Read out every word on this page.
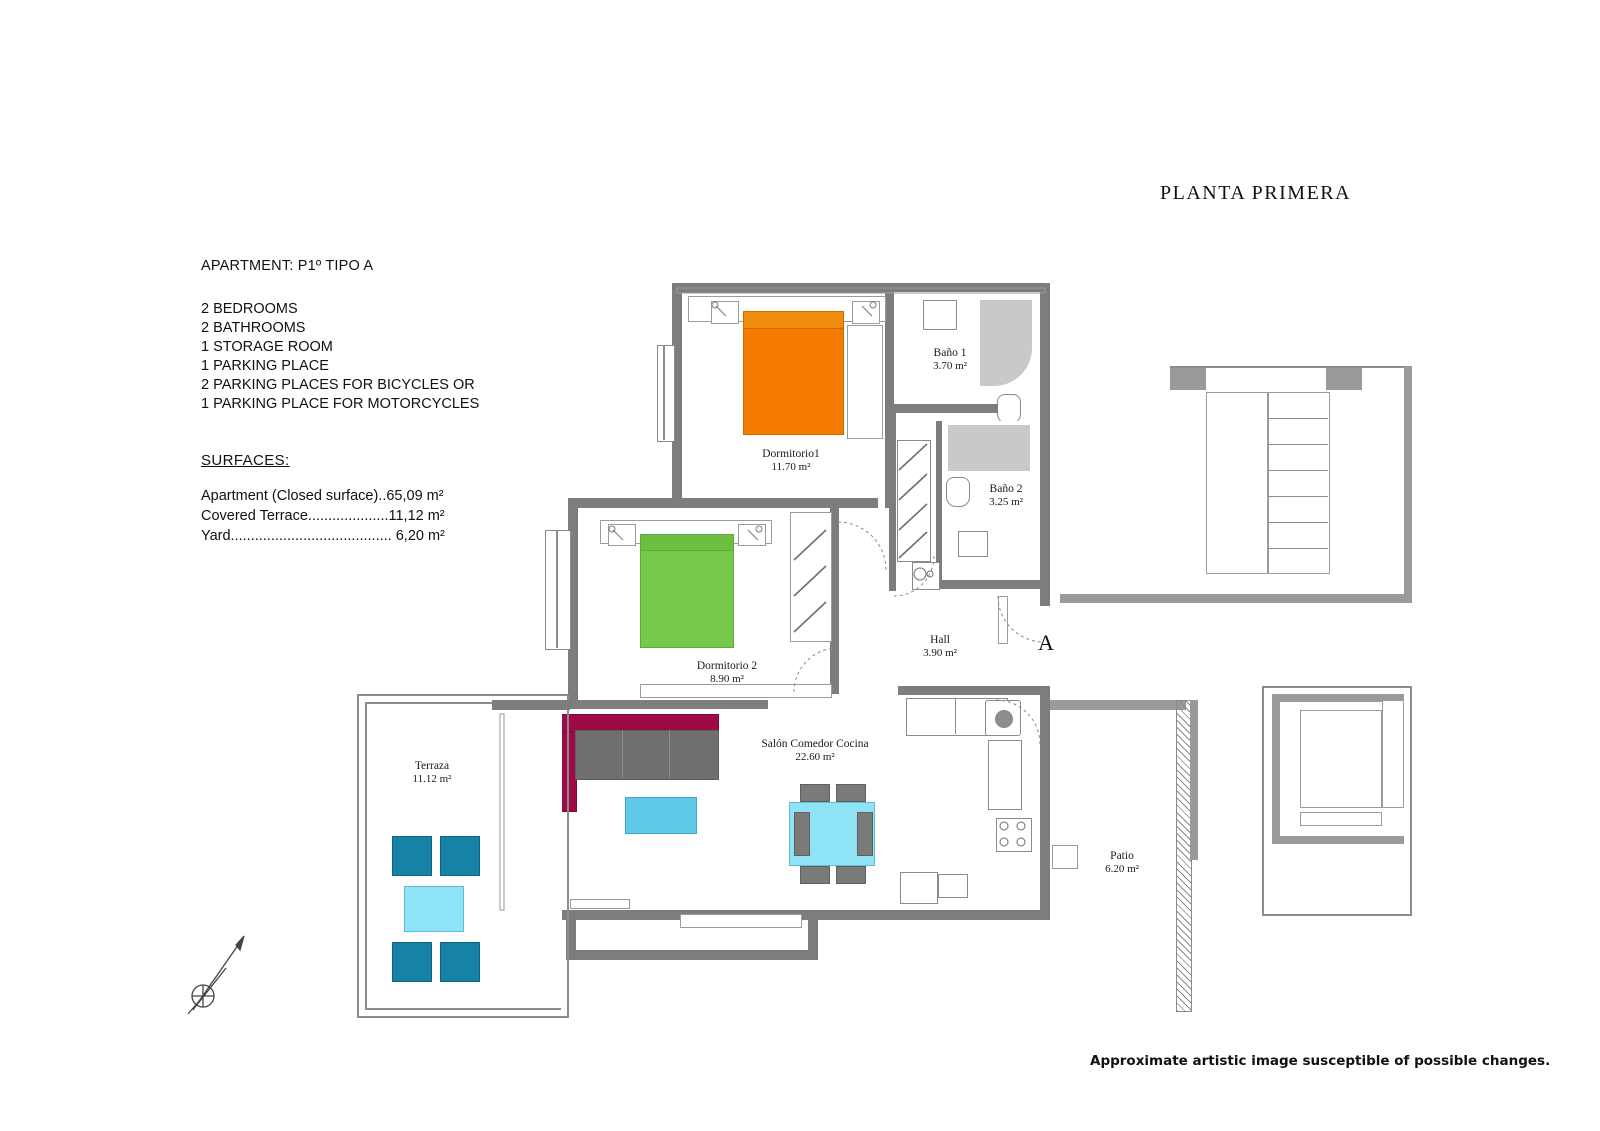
PLANTA PRIMERA
APARTMENT: P1º TIPO A
2 BEDROOMS
2 BATHROOMS
1 STORAGE ROOM
1 PARKING PLACE
2 PARKING PLACES FOR BICYCLES OR
1 PARKING PLACE FOR MOTORCYCLES
SURFACES:
Apartment (Closed surface)..65,09 m²
Covered Terrace....................11,12 m²
Yard........................................ 6,20 m²
Approximate artistic image susceptible of possible changes.
Dormitorio1
11.70 m²
Baño 1
3.70 m²
Baño 2
3.25 m²
Dormitorio 2
8.90 m²
Hall
3.90 m²	A
Salón Comedor Cocina
22.60 m²
Patio
6.20 m²
Terraza
11.12 m²
